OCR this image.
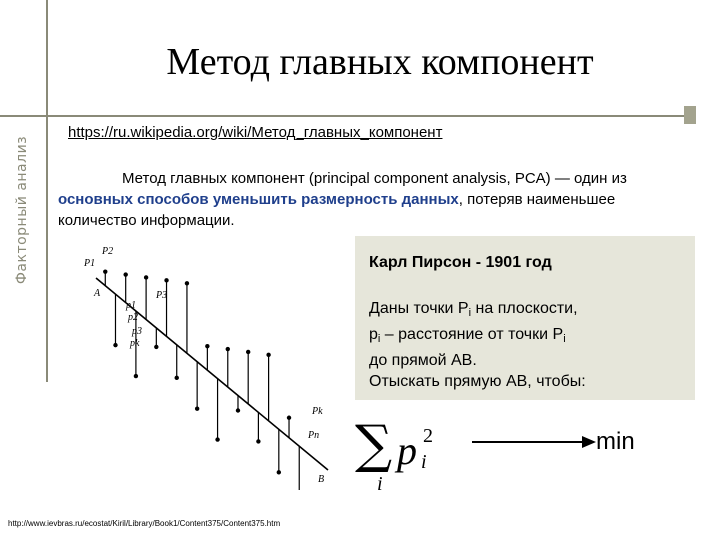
Факторный анализ
Метод главных компонент
https://ru.wikipedia.org/wiki/Метод_главных_компонент
Метод главных компонент (principal component analysis, PCA) — один из основных способов уменьшить размерность данных, потеряв наименьшее количество информации.
Карл Пирсон - 1901 год
Даны точки $P_i$ на плоскости,
$p_i$ – расстояние от точки $P_i$
до прямой AB.
Отыскать прямую AB, чтобы:
P1
P2
P3
p1
p2
p3
pk
A
Pk
Pn
B
∑ p i
2
i
min
http://www.ievbras.ru/ecostat/Kiril/Library/Book1/Content375/Content375.htm
